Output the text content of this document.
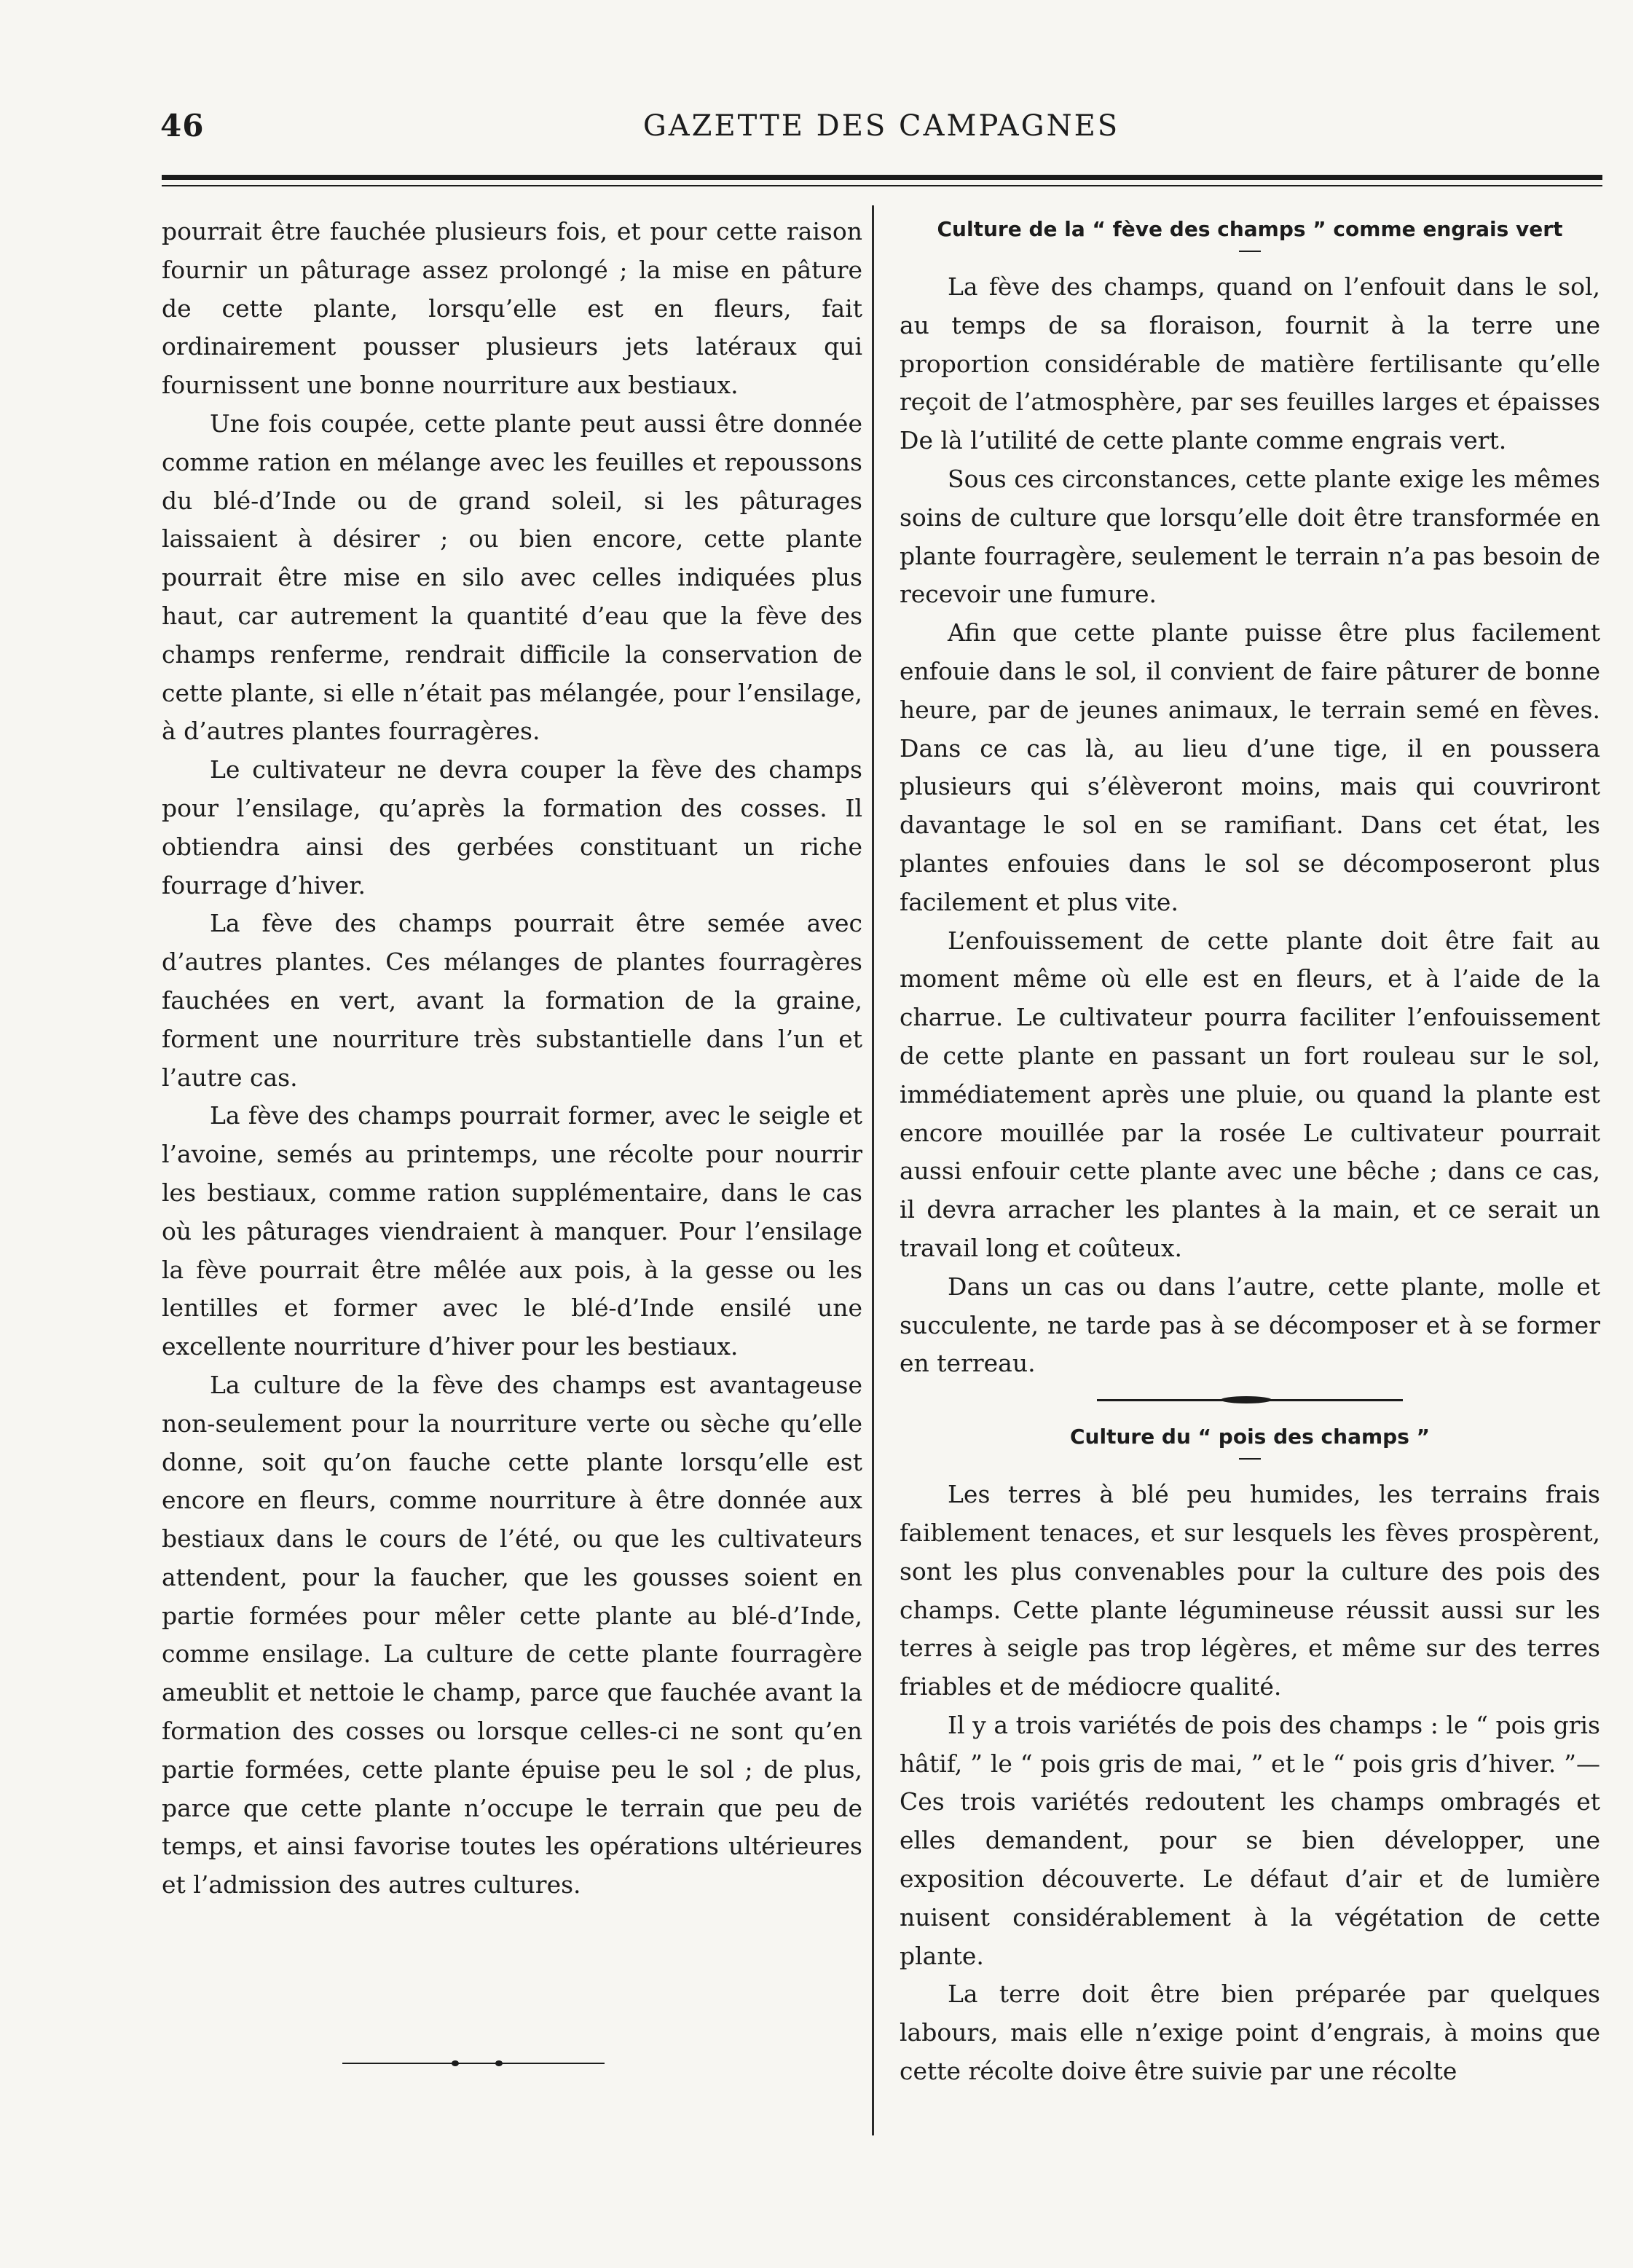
46	GAZETTE DES CAMPAGNES

pourrait être fauchée plusieurs fois, et pour cette raison fournir un pâturage assez prolongé ; la mise en pâture de cette plante, lorsqu’elle est en fleurs, fait ordinairement pousser plusieurs jets latéraux qui fournissent une bonne nourriture aux bestiaux.

Une fois coupée, cette plante peut aussi être donnée comme ration en mélange avec les feuilles et repoussons du blé-d’Inde ou de grand soleil, si les pâturages laissaient à désirer ; ou bien encore, cette plante pourrait être mise en silo avec celles indiquées plus haut, car autrement la quantité d’eau que la fève des champs renferme, rendrait difficile la conservation de cette plante, si elle n’était pas mélangée, pour l’ensilage, à d’autres plantes fourragères.

Le cultivateur ne devra couper la fève des champs pour l’ensilage, qu’après la formation des cosses. Il obtiendra ainsi des gerbées constituant un riche fourrage d’hiver.

La fève des champs pourrait être semée avec d’autres plantes. Ces mélanges de plantes fourragères fauchées en vert, avant la formation de la graine, forment une nourriture très substantielle dans l’un et l’autre cas.

La fève des champs pourrait former, avec le seigle et l’avoine, semés au printemps, une récolte pour nourrir les bestiaux, comme ration supplémentaire, dans le cas où les pâturages viendraient à manquer. Pour l’ensilage la fève pourrait être mêlée aux pois, à la gesse ou les lentilles et former avec le blé-d’Inde ensilé une excellente nourriture d’hiver pour les bestiaux.

La culture de la fève des champs est avantageuse non-seulement pour la nourriture verte ou sèche qu’elle donne, soit qu’on fauche cette plante lorsqu’elle est encore en fleurs, comme nourriture à être donnée aux bestiaux dans le cours de l’été, ou que les cultivateurs attendent, pour la faucher, que les gousses soient en partie formées pour mêler cette plante au blé-d’Inde, comme ensilage. La culture de cette plante fourragère ameublit et nettoie le champ, parce que fauchée avant la formation des cosses ou lorsque celles-ci ne sont qu’en partie formées, cette plante épuise peu le sol ; de plus, parce que cette plante n’occupe le terrain que peu de temps, et ainsi favorise toutes les opérations ultérieures et l’admission des autres cultures.

Culture de la “ fève des champs ” comme engrais vert

La fève des champs, quand on l’enfouit dans le sol, au temps de sa floraison, fournit à la terre une proportion considérable de matière fertilisante qu’elle reçoit de l’atmosphère, par ses feuilles larges et épaisses De là l’utilité de cette plante comme engrais vert.

Sous ces circonstances, cette plante exige les mêmes soins de culture que lorsqu’elle doit être transformée en plante fourragère, seulement le terrain n’a pas besoin de recevoir une fumure.

Afin que cette plante puisse être plus facilement enfouie dans le sol, il convient de faire pâturer de bonne heure, par de jeunes animaux, le terrain semé en fèves. Dans ce cas là, au lieu d’une tige, il en poussera plusieurs qui s’élèveront moins, mais qui couvriront davantage le sol en se ramifiant. Dans cet état, les plantes enfouies dans le sol se décomposeront plus facilement et plus vite.

L’enfouissement de cette plante doit être fait au moment même où elle est en fleurs, et à l’aide de la charrue. Le cultivateur pourra faciliter l’enfouissement de cette plante en passant un fort rouleau sur le sol, immédiatement après une pluie, ou quand la plante est encore mouillée par la rosée Le cultivateur pourrait aussi enfouir cette plante avec une bêche ; dans ce cas, il devra arracher les plantes à la main, et ce serait un travail long et coûteux.

Dans un cas ou dans l’autre, cette plante, molle et succulente, ne tarde pas à se décomposer et à se former en terreau.

Culture du “ pois des champs ”

Les terres à blé peu humides, les terrains frais faiblement tenaces, et sur lesquels les fèves prospèrent, sont les plus convenables pour la culture des pois des champs. Cette plante légumineuse réussit aussi sur les terres à seigle pas trop légères, et même sur des terres friables et de médiocre qualité.

Il y a trois variétés de pois des champs : le “ pois gris hâtif, ” le “ pois gris de mai, ” et le “ pois gris d’hiver. ”—Ces trois variétés redoutent les champs ombragés et elles demandent, pour se bien développer, une exposition découverte. Le défaut d’air et de lumière nuisent considérablement à la végétation de cette plante.

La terre doit être bien préparée par quelques labours, mais elle n’exige point d’engrais, à moins que cette récolte doive être suivie par une récolte
